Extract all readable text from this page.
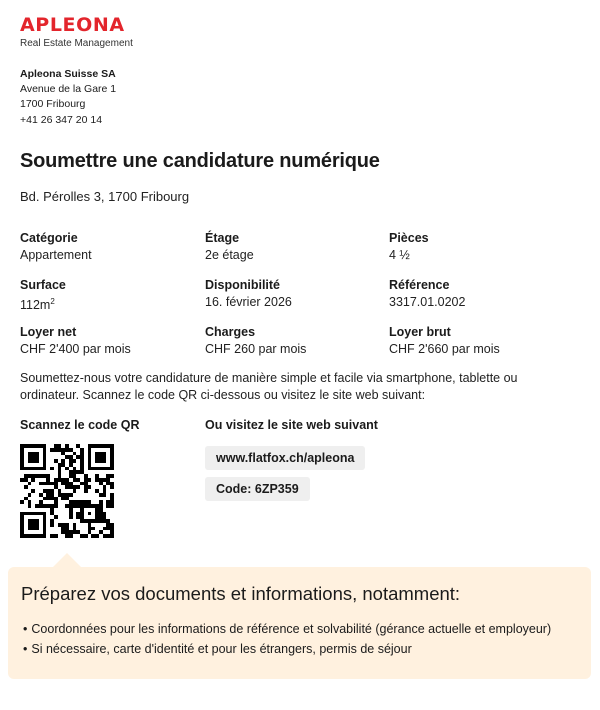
APLEONA
Real Estate Management
Apleona Suisse SA
Avenue de la Gare 1
1700 Fribourg
+41 26 347 20 14
Soumettre une candidature numérique
Bd. Pérolles 3, 1700 Fribourg
Catégorie
Appartement
Étage
2e étage
Pièces
4 ½
Surface
$112m^2$
Disponibilité
16. février 2026
Référence
3317.01.0202
Loyer net
CHF 2'400 par mois
Charges
CHF 260 par mois
Loyer brut
CHF 2'660 par mois
Soumettez-nous votre candidature de manière simple et facile via smartphone, tablette ou ordinateur. Scannez le code QR ci-dessous ou visitez le site web suivant:
Scannez le code QR	Ou visitez le site web suivant
www.flatfox.ch/apleona
Code: 6ZP359
Préparez vos documents et informations, notamment:
• Coordonnées pour les informations de référence et solvabilité (gérance actuelle et employeur)
• Si nécessaire, carte d'identité et pour les étrangers, permis de séjour
